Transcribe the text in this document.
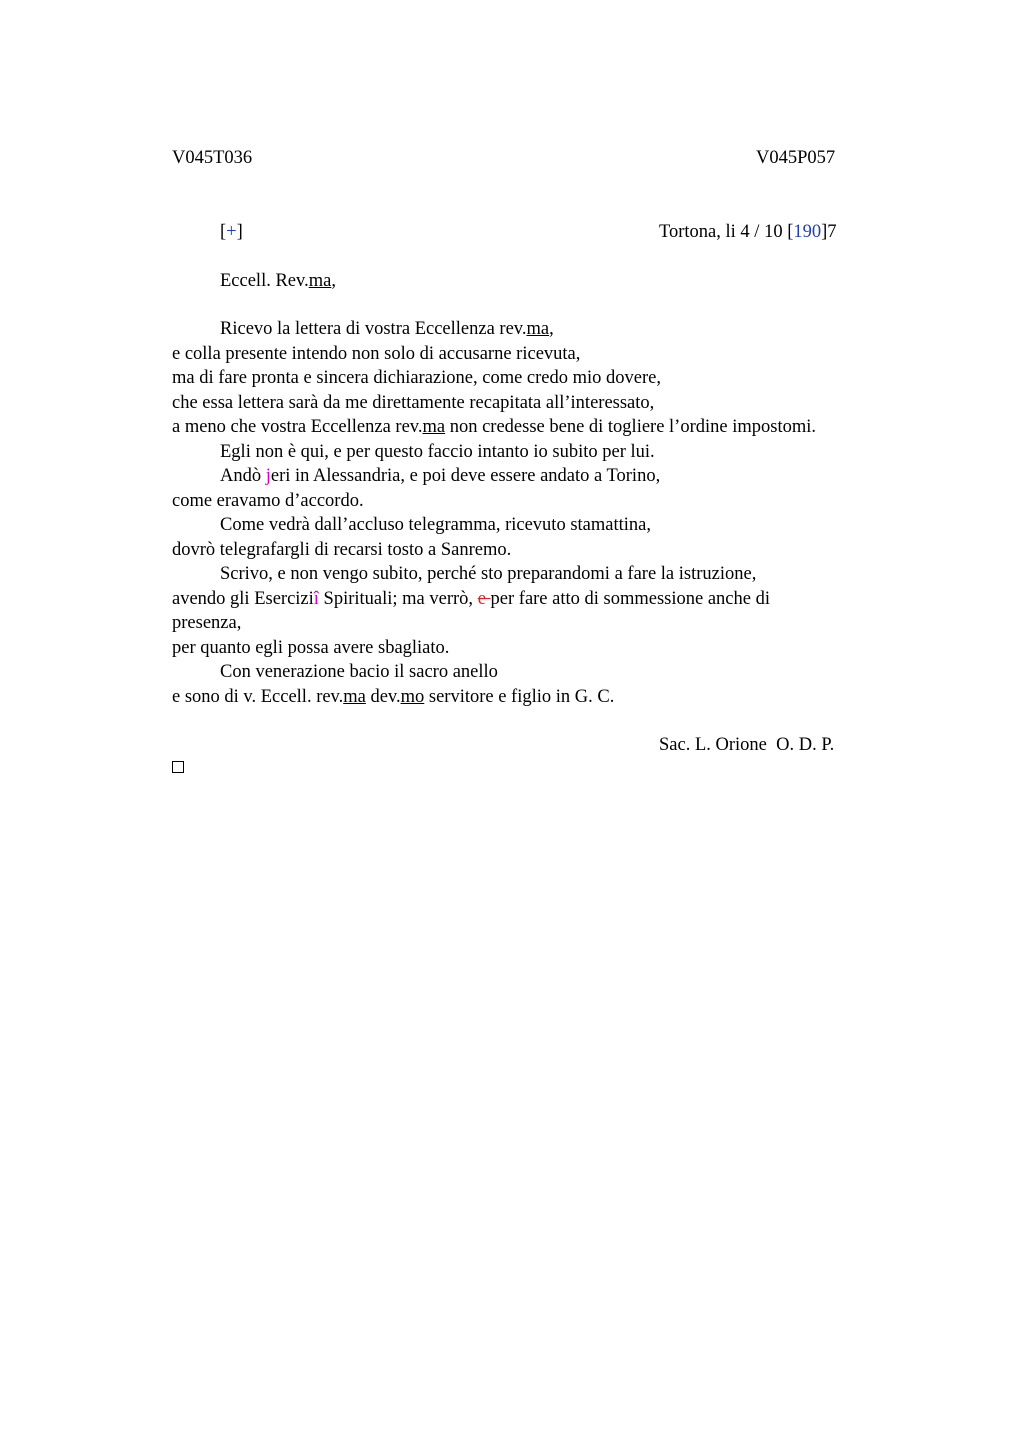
V045T036	V045P057
[+]	Tortona, li 4 / 10 [190]7
Eccell. Rev.ma,
Ricevo la lettera di vostra Eccellenza rev.ma,
e colla presente intendo non solo di accusarne ricevuta,
ma di fare pronta e sincera dichiarazione, come credo mio dovere,
che essa lettera sarà da me direttamente recapitata all’interessato,
a meno che vostra Eccellenza rev.ma non credesse bene di togliere l’ordine impostomi.
Egli non è qui, e per questo faccio intanto io subito per lui.
Andò jeri in Alessandria, e poi deve essere andato a Torino,
come eravamo d’accordo.
Come vedrà dall’accluso telegramma, ricevuto stamattina,
dovrò telegrafargli di recarsi tosto a Sanremo.
Scrivo, e non vengo subito, perché sto preparandomi a fare la istruzione,
avendo gli Eserciziî Spirituali; ma verrò, e per fare atto di sommessione anche di
presenza,
per quanto egli possa avere sbagliato.
Con venerazione bacio il sacro anello
e sono di v. Eccell. rev.ma dev.mo servitore e figlio in G. C.
Sac. L. Orione  O. D. P.
